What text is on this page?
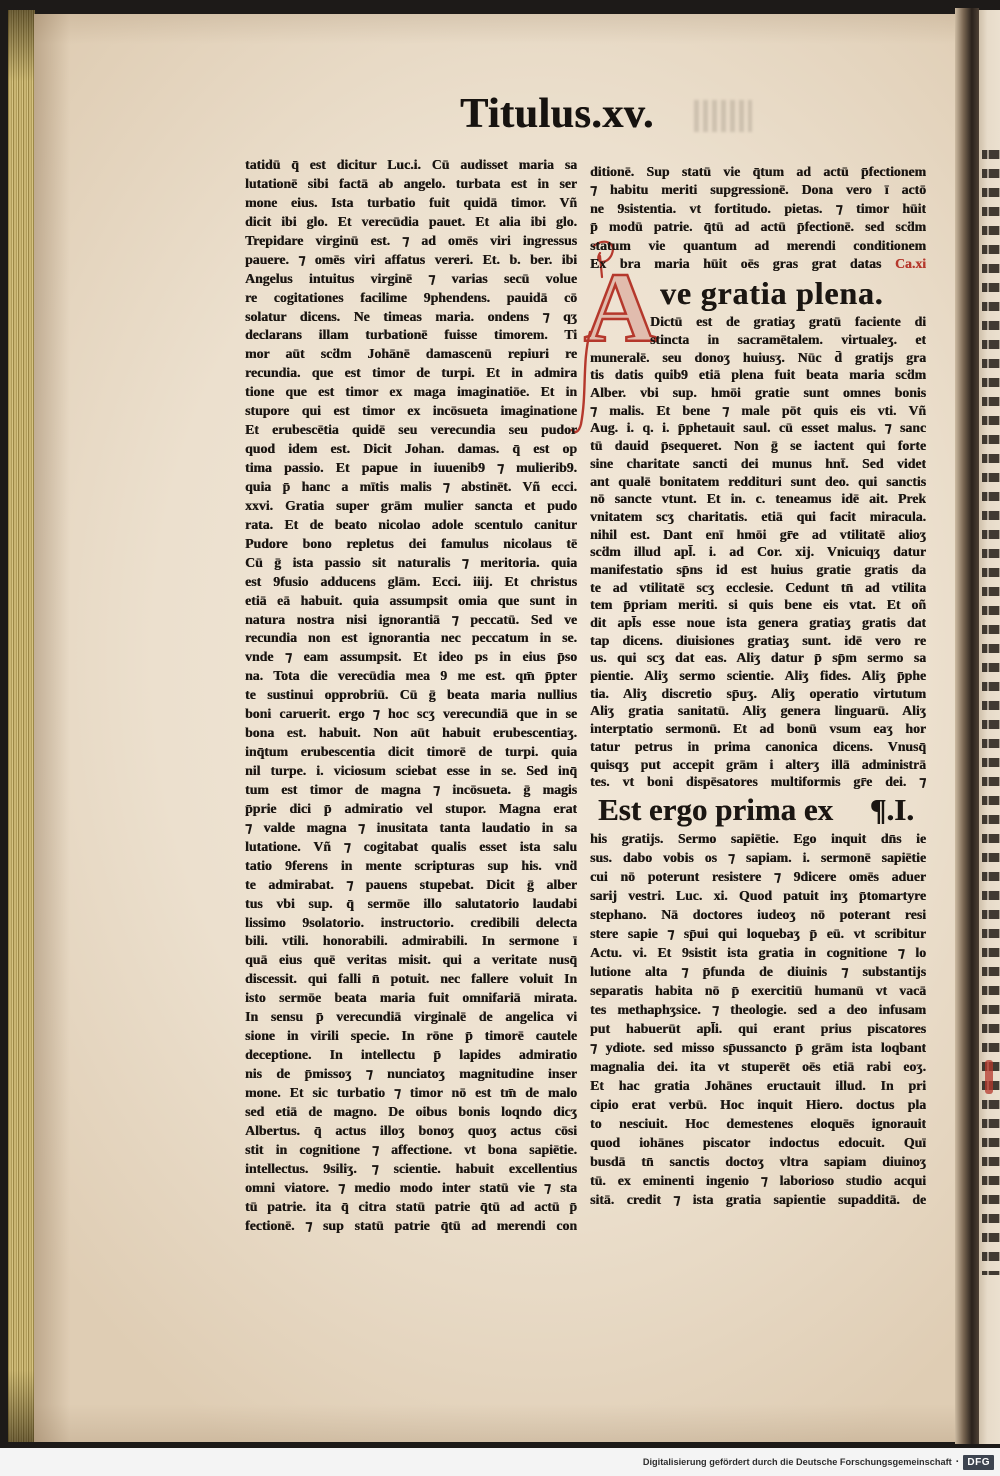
Titulus.xv.
A
tatidū q̄ est dicitur Luc.i. Cū audisset maria sa
lutationē sibi factā ab angelo. turbata est in ser
mone eius. Ista turbatio fuit quidā timor. Vñ
dicit ibi glo. Et verecūdia pauet. Et alia ibi glo.
Trepidare virginū est. ⁊ ad omēs viri ingressus
pauere. ⁊ omēs viri affatus vereri. Et. b. ber. ibi
Angelus intuitus virginē ⁊ varias secū volue
re cogitationes facilime 9phendens. pauidā cō
solatur dicens. Ne timeas maria. ondens ⁊ qʒ
declarans illam turbationē fuisse timorem. Ti
mor aūt scḋm Johānē damascenū repiuri re
recundia. que est timor de turpi. Et in admira
tione que est timor ex maga imaginatiōe. Et in
stupore qui est timor ex incōsueta imaginatione
Et erubescētia quidē seu verecundia seu pudor
quod idem est. Dicit Johan. damas. q̄ est op
tima passio. Et papue in iuuenib9 ⁊ mulierib9.
quia p̄ hanc a mītis malis ⁊ abstinēt. Vñ ecci.
xxvi. Gratia super grām mulier sancta et pudo
rata. Et de beato nicolao adole scentulo canitur
Pudore bono repletus dei famulus nicolaus tē
Cū ḡ ista passio sit naturalis ⁊ meritoria. quia
est 9fusio adducens glām. Ecci. iiij. Et christus
etiā eā habuit. quia assumpsit omia que sunt in
natura nostra nisi ignorantiā ⁊ peccatū. Sed ve
recundia non est ignorantia nec peccatum in se.
vnde ⁊ eam assumpsit. Et ideo ps in eius p̄so
na. Tota die verecūdia mea 9 me est. qm̄ p̄pter
te sustinui opprobriū. Cū ḡ beata maria nullius
boni caruerit. ergo ⁊ hoc scʒ verecundiā que in se
bona est. habuit. Non aūt habuit erubescentiaʒ.
inq̄tum erubescentia dicit timorē de turpi. quia
nil turpe. i. viciosum sciebat esse in se. Sed inq̄
tum est timor de magna ⁊ incōsueta. ḡ magis
p̄prie dici p̄ admiratio vel stupor. Magna erat
⁊ valde magna ⁊ inusitata tanta laudatio in sa
lutatione. Vñ ⁊ cogitabat qualis esset ista salu
tatio 9ferens in mente scripturas sup his. vnḋ
te admirabat. ⁊ pauens stupebat. Dicit ḡ alber
tus vbi sup. q̄ sermōe illo salutatorio laudabi
lissimo 9solatorio. instructorio. credibili delecta
bili. vtili. honorabili. admirabili. In sermone ī
quā eius quē veritas misit. qui a veritate nusq̄
discessit. qui falli n̄ potuit. nec fallere voluit In
isto sermōe beata maria fuit omnifariā mirata.
In sensu p̄ verecundiā virginalē de angelica vi
sione in virili specie. In rōne p̄ timorē cautele
deceptione. In intellectu p̄ lapides admiratio
nis de p̄missoʒ ⁊ nunciatoʒ magnitudine inser
mone. Et sic turbatio ⁊ timor nō est tm̄ de malo
sed etiā de magno. De oibus bonis loqndo dicʒ
Albertus. q̄ actus illoʒ bonoʒ quoʒ actus cōsi
stit in cognitione ⁊ affectione. vt bona sapiētie.
intellectus. 9siliʒ. ⁊ scientie. habuit excellentius
omni viatore. ⁊ medio modo inter statū vie ⁊ sta
tū patrie. ita q̄ citra statū patrie q̄tū ad actū p̄
fectionē. ⁊ sup statū patrie q̄tū ad merendi con
ditionē. Sup statū vie q̄tum ad actū p̄fectionem
⁊ habitu meriti supgressionē. Dona vero ī actō
ne 9sistentia. vt fortitudo. pietas. ⁊ timor hūit
p̄ modū patrie. q̄tū ad actū p̄fectionē. sed scḋm
statum vie quantum ad merendi conditionem
Ex bra maria hūit oēs gras grat datas Ca.xi
ve gratia plena.
Dictū est de gratiaʒ gratū faciente di
stincta in sacramētalem. virtualeʒ. et
muneralē. seu donoʒ huiusʒ. Nūc d̄ gratijs gra
tis datis quib9 etiā plena fuit beata maria scḋm
Alber. vbi sup. hmōi gratie sunt omnes bonis
⁊ malis. Et bene ⁊ male pōt quis eis vti. Vñ
Aug. i. q. i. p̄phetauit saul. cū esset malus. ⁊ sanc
tū dauid p̄sequeret. Non ḡ se iactent qui forte
sine charitate sancti dei munus hnt̄. Sed videt
ant qualē bonitatem reddituri sunt deo. qui sanctis
nō sancte vtunt. Et in. c. teneamus idē ait. Prek
vnitatem scʒ charitatis. etiā qui facit miracula.
nihil est. Dant enī hmōi gr̄e ad vtilitatē alioʒ
scḋm illud apl̄. i. ad Cor. xij. Vnicuiqʒ datur
manifestatio sp̄ns id est huius gratie gratis da
te ad vtilitatē scʒ ecclesie. Cedunt tn̄ ad vtilita
tem p̄priam meriti. si quis bene eis vtat. Et oñ
dit apl̄s esse noue ista genera gratiaʒ gratis dat
tap dicens. diuisiones gratiaʒ sunt. idē vero re
us. qui scʒ dat eas. Aliʒ datur p̄ sp̄m sermo sa
pientie. Aliʒ sermo scientie. Aliʒ fides. Aliʒ p̄phe
tia. Aliʒ discretio sp̄uʒ. Aliʒ operatio virtutum
Aliʒ gratia sanitatū. Aliʒ genera linguarū. Aliʒ
interptatio sermonū. Et ad bonū vsum eaʒ hor
tatur petrus in prima canonica dicens. Vnusq̄
quisqʒ put accepit grām i alterʒ illā administrā
tes. vt boni dispēsatores multiformis gr̄e dei. ⁊
Est ergo prima ex ¶.I.
his gratijs. Sermo sapiētie. Ego inquit dn̄s ie
sus. dabo vobis os ⁊ sapiam. i. sermonē sapiētie
cui nō poterunt resistere ⁊ 9dicere omēs aduer
sarij vestri. Luc. xi. Quod patuit inʒ p̄tomartyre
stephano. Nā doctores iudeoʒ nō poterant resi
stere sapie ⁊ sp̄ui qui loquebaʒ p̄ eū. vt scribitur
Actu. vi. Et 9sistit ista gratia in cognitione ⁊ lo
lutione alta ⁊ p̄funda de diuinis ⁊ substantijs
separatis habita nō p̄ exercitiū humanū vt vacā
tes methaphʒsice. ⁊ theologie. sed a deo infusam
put habuerūt apl̄i. qui erant prius piscatores
⁊ ydiote. sed misso sp̄ussancto p̄ grām ista loqbant
magnalia dei. ita vt stuperēt oēs etiā rabi eoʒ.
Et hac gratia Johānes eructauit illud. In pri
cipio erat verbū. Hoc inquit Hiero. doctus pla
to nesciuit. Hoc demestenes eloquēs ignorauit
quod iohānes piscator indoctus edocuit. Quī
busdā tn̄ sanctis doctoʒ vltra sapiam diuinoʒ
tū. ex eminenti ingenio ⁊ laborioso studio acqui
sitā. credit ⁊ ista gratia sapientie supadditā. de
Digitalisierung gefördert durch die Deutsche Forschungsgemeinschaft · DFG
